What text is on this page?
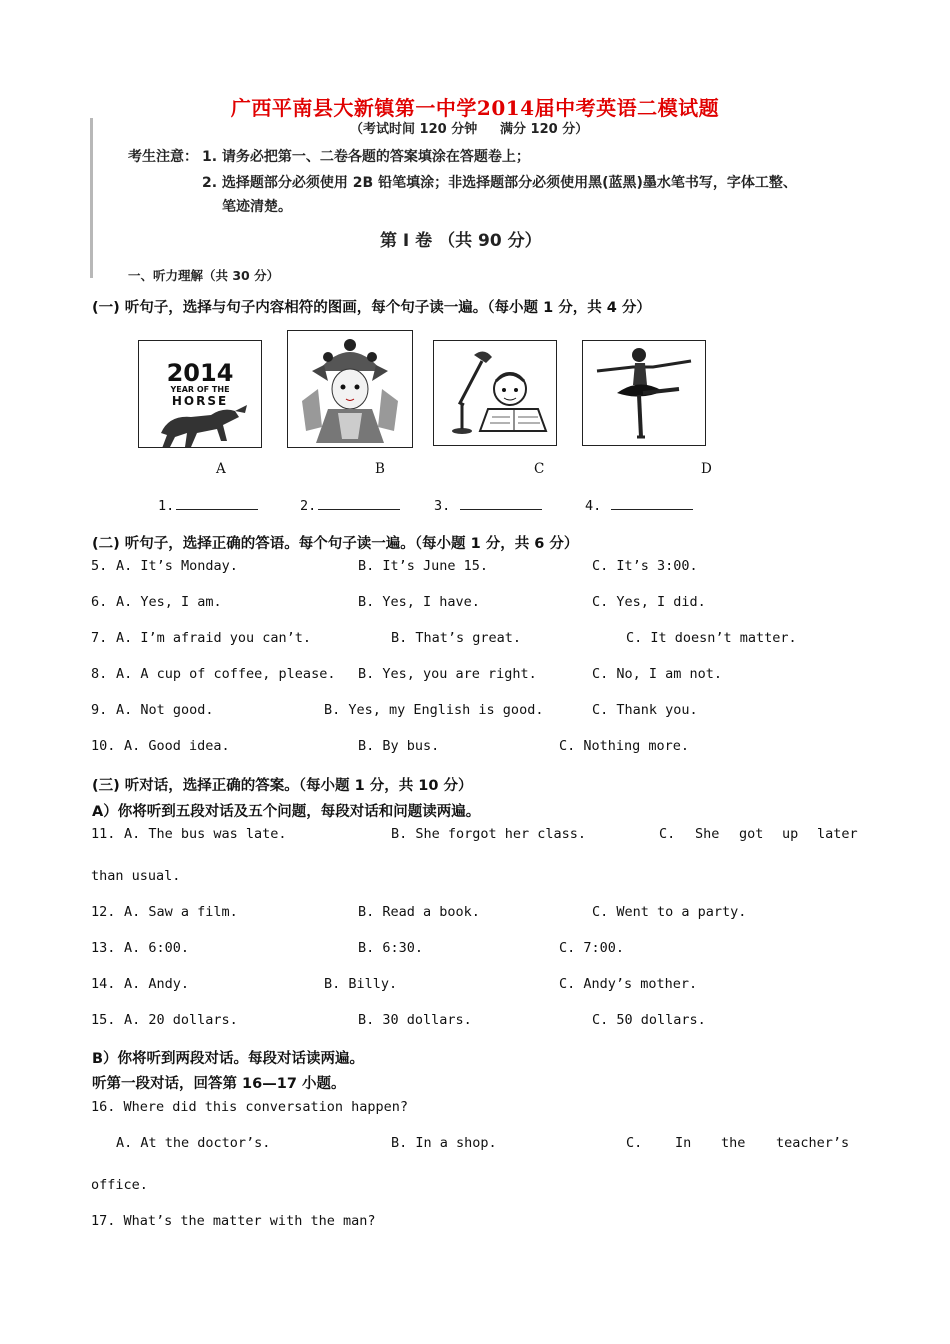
广西平南县大新镇第一中学2014届中考英语二模试题
（考试时间 120 分钟 满分 120 分）
考生注意： 1. 请务必把第一、二卷各题的答案填涂在答题卷上；
2. 选择题部分必须使用 2B 铅笔填涂；非选择题部分必须使用黑(蓝黑)墨水笔书写，字体工整、
笔迹清楚。
第 I 卷 （共 90 分）
一、听力理解（共 30 分）
(一) 听句子，选择与句子内容相符的图画，每个句子读一遍。（每小题 1 分，共 4 分）
2014
YEAR OF THE
HORSE
A	B	C	D
1.	2.	3.	4.
(二) 听句子，选择正确的答语。每个句子读一遍。（每小题 1 分，共 6 分）
5. A. It’s Monday.	B. It’s June 15.	C. It’s 3:00.
6. A. Yes, I am.	B. Yes, I have.	C. Yes, I did.
7. A. I’m afraid you can’t.	B. That’s great.	C. It doesn’t matter.
8. A. A cup of coffee, please. B. Yes, you are right.	C. No, I am not.
9. A. Not good.	B. Yes, my English is good.	C. Thank you.
10. A. Good idea.	B. By bus.	C. Nothing more.
(三) 听对话，选择正确的答案。（每小题 1 分，共 10 分）
A）你将听到五段对话及五个问题，每段对话和问题读两遍。
11. A. The bus was late.	B. She forgot her class.	C. She got up later
than usual.
12. A. Saw a film.	B. Read a book.	C. Went to a party.
13. A. 6:00.	B. 6:30.	C. 7:00.
14. A. Andy.	B. Billy.	C. Andy’s mother.
15. A. 20 dollars.	B. 30 dollars.	C. 50 dollars.
B）你将听到两段对话。每段对话读两遍。
听第一段对话，回答第 16—17 小题。
16. Where did this conversation happen?
A. At the doctor’s.	B. In a shop.	C. In the teacher’s
office.
17. What’s the matter with the man?
